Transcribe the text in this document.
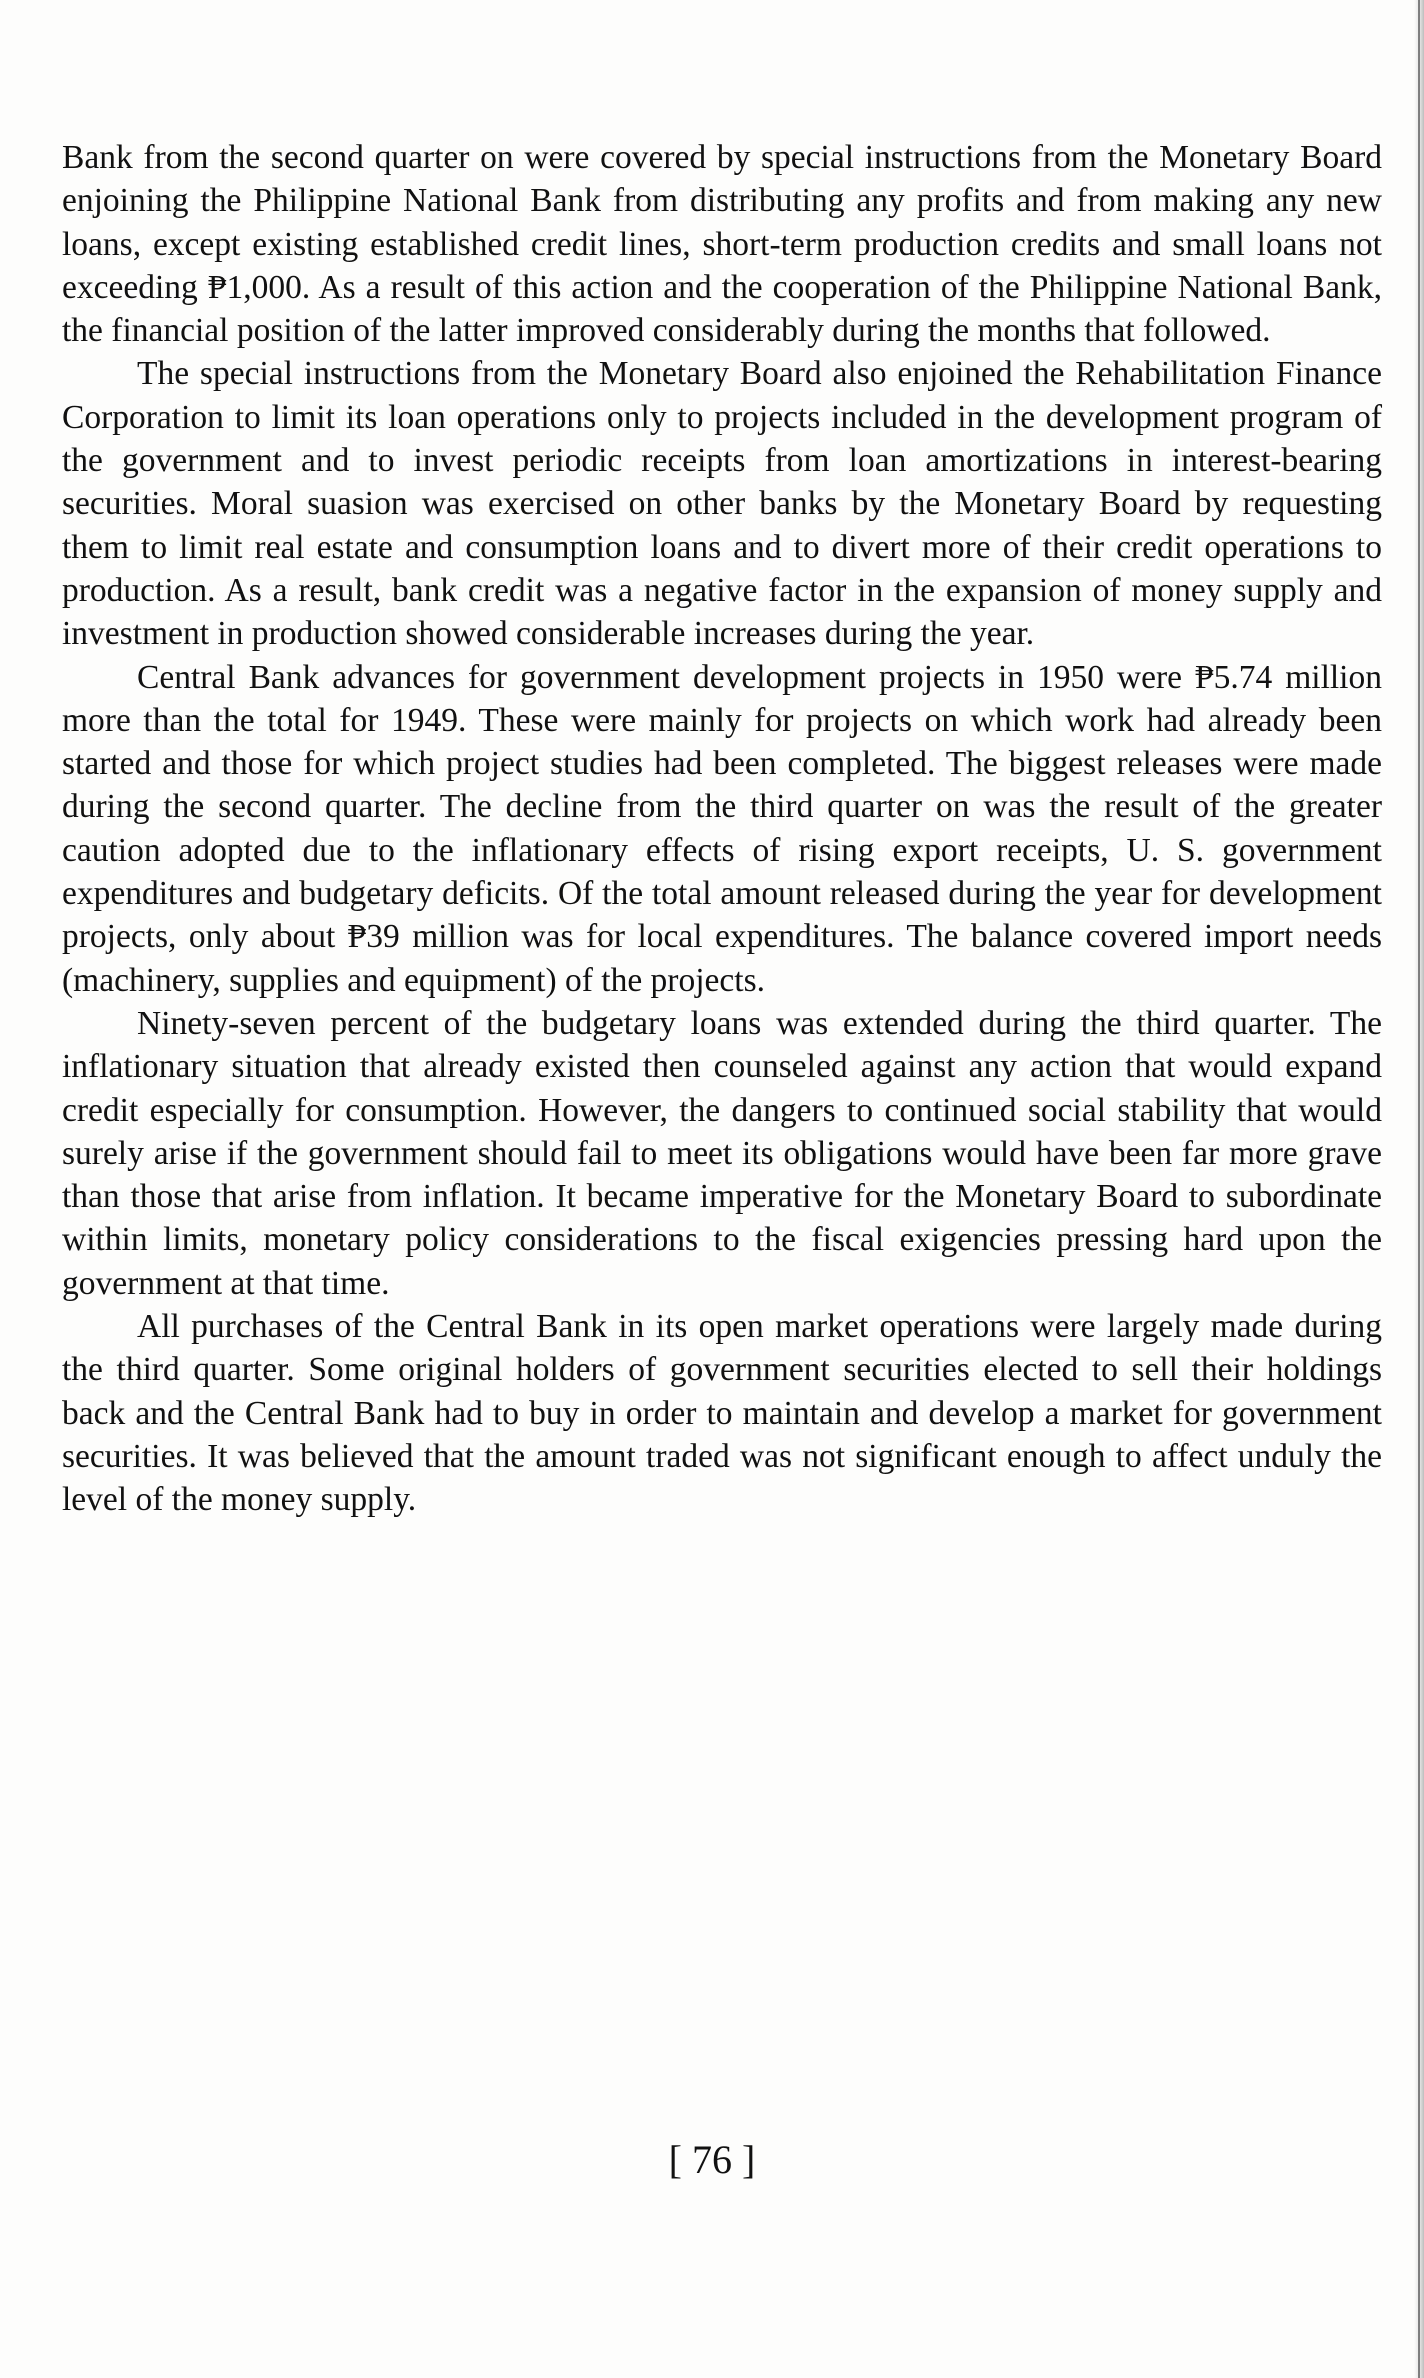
Bank from the second quarter on were covered by special instructions from the Monetary Board enjoining the Philippine National Bank from distributing any profits and from making any new loans, except existing established credit lines, short-term production credits and small loans not exceeding ₱1,000. As a result of this action and the cooperation of the Philippine National Bank, the financial position of the latter improved considerably during the months that followed.

The special instructions from the Monetary Board also enjoined the Rehabilitation Finance Corporation to limit its loan operations only to projects included in the development program of the government and to invest periodic receipts from loan amortizations in interest-bearing securities. Moral suasion was exercised on other banks by the Monetary Board by requesting them to limit real estate and consumption loans and to divert more of their credit operations to production. As a result, bank credit was a negative factor in the expansion of money supply and investment in production showed considerable increases during the year.

Central Bank advances for government development projects in 1950 were ₱5.74 million more than the total for 1949. These were mainly for projects on which work had already been started and those for which project studies had been completed. The biggest releases were made during the second quarter. The decline from the third quarter on was the result of the greater caution adopted due to the inflationary effects of rising export receipts, U. S. government expenditures and budgetary deficits. Of the total amount released during the year for development projects, only about ₱39 million was for local expenditures. The balance covered import needs (machinery, supplies and equipment) of the projects.

Ninety-seven percent of the budgetary loans was extended during the third quarter. The inflationary situation that already existed then counseled against any action that would expand credit especially for consumption. However, the dangers to continued social stability that would surely arise if the government should fail to meet its obligations would have been far more grave than those that arise from inflation. It became imperative for the Monetary Board to subordinate within limits, monetary policy considerations to the fiscal exigencies pressing hard upon the government at that time.

All purchases of the Central Bank in its open market operations were largely made during the third quarter. Some original holders of government securities elected to sell their holdings back and the Central Bank had to buy in order to maintain and develop a market for government securities. It was believed that the amount traded was not significant enough to affect unduly the level of the money supply.

[ 76 ]
